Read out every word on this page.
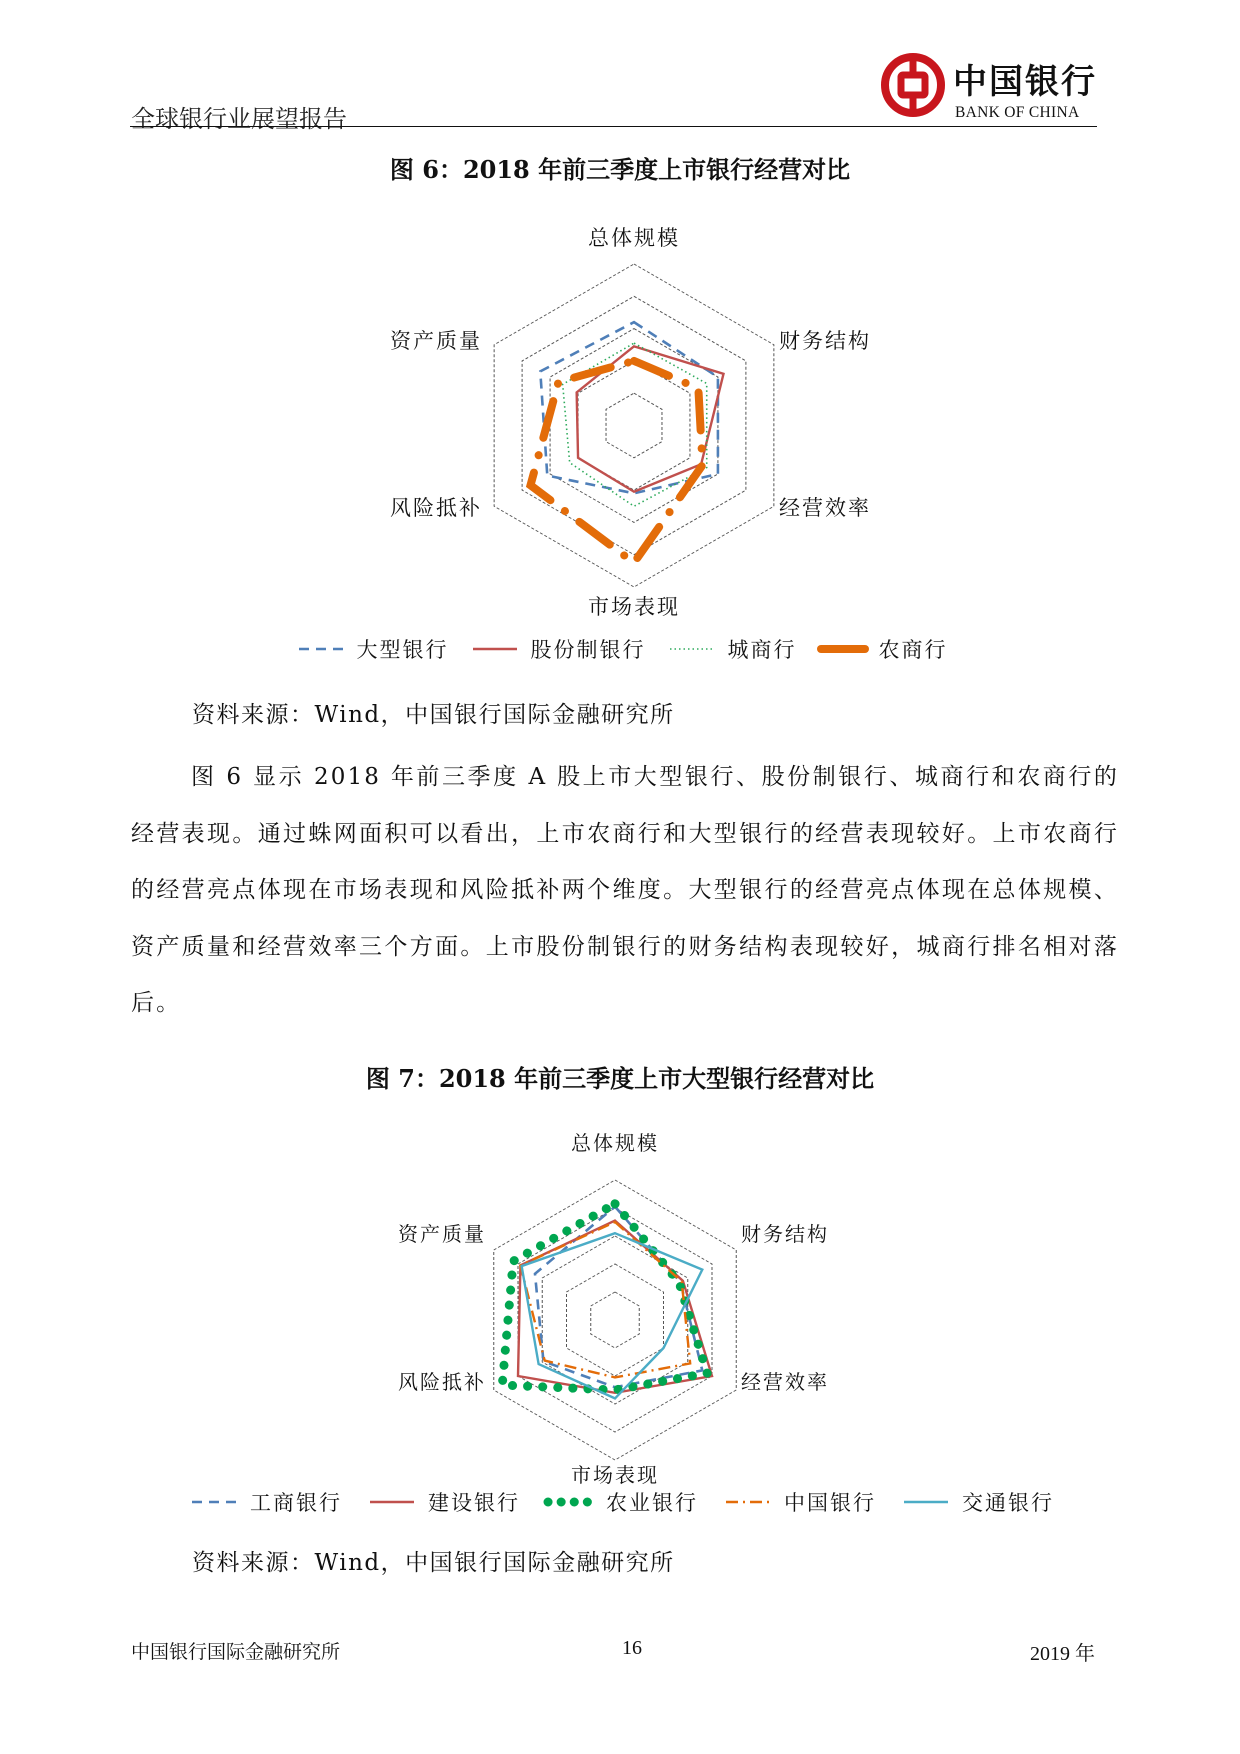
全球银行业展望报告
中国银行
BANK OF CHINA
图 6：2018 年前三季度上市银行经营对比
总体规模
财务结构
经营效率
市场表现
风险抵补
资产质量
大型银行	股份制银行	城商行	农商行
资料来源：Wind，中国银行国际金融研究所
图 6 显示 2018 年前三季度 A 股上市大型银行、股份制银行、城商行和农商行的经营表现。通过蛛网面积可以看出，上市农商行和大型银行的经营表现较好。上市农商行的经营亮点体现在市场表现和风险抵补两个维度。大型银行的经营亮点体现在总体规模、资产质量和经营效率三个方面。上市股份制银行的财务结构表现较好，城商行排名相对落后。
图 7：2018 年前三季度上市大型银行经营对比
总体规模
财务结构
经营效率
市场表现
风险抵补
资产质量
工商银行	建设银行	农业银行	中国银行	交通银行
资料来源：Wind，中国银行国际金融研究所
中国银行国际金融研究所	16	2019 年
